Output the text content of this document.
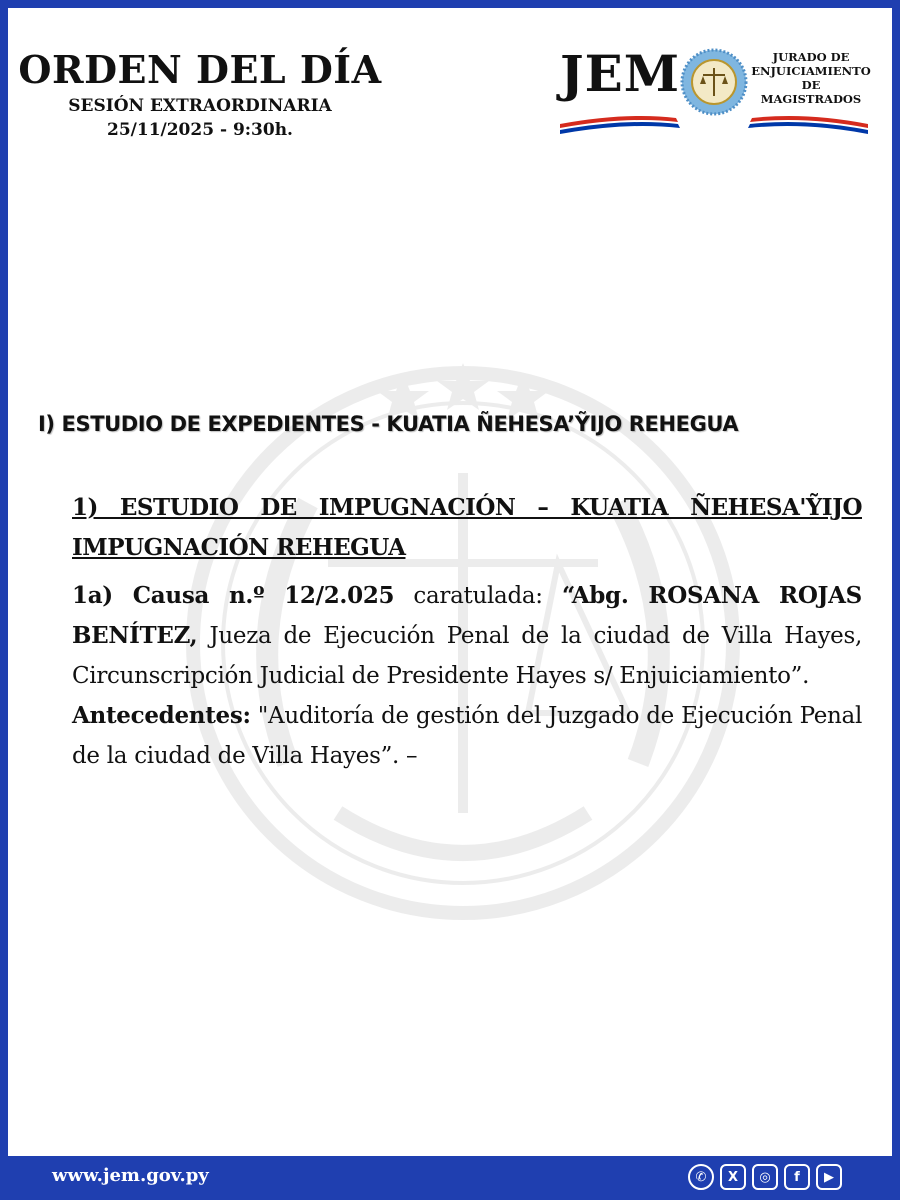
ORDEN DEL DÍA
SESIÓN EXTRAORDINARIA
25/11/2025 - 9:30h.
JEM	JURADO DE
ENJUICIAMIENTO
DE MAGISTRADOS
I) ESTUDIO DE EXPEDIENTES - KUATIA ÑEHESA’ỸIJO REHEGUA

1) ESTUDIO DE IMPUGNACIÓN – KUATIA ÑEHESA'ỸIJO IMPUGNACIÓN REHEGUA

1a) Causa n.º 12/2.025 caratulada: “Abg. ROSANA ROJAS BENÍTEZ, Jueza de Ejecución Penal de la ciudad de Villa Hayes, Circunscripción Judicial de Presidente Hayes s/ Enjuiciamiento”.

Antecedentes: "Auditoría de gestión del Juzgado de Ejecución Penal de la ciudad de Villa Hayes”. –

www.jem.gov.py	✆	X	◎	f	▶
